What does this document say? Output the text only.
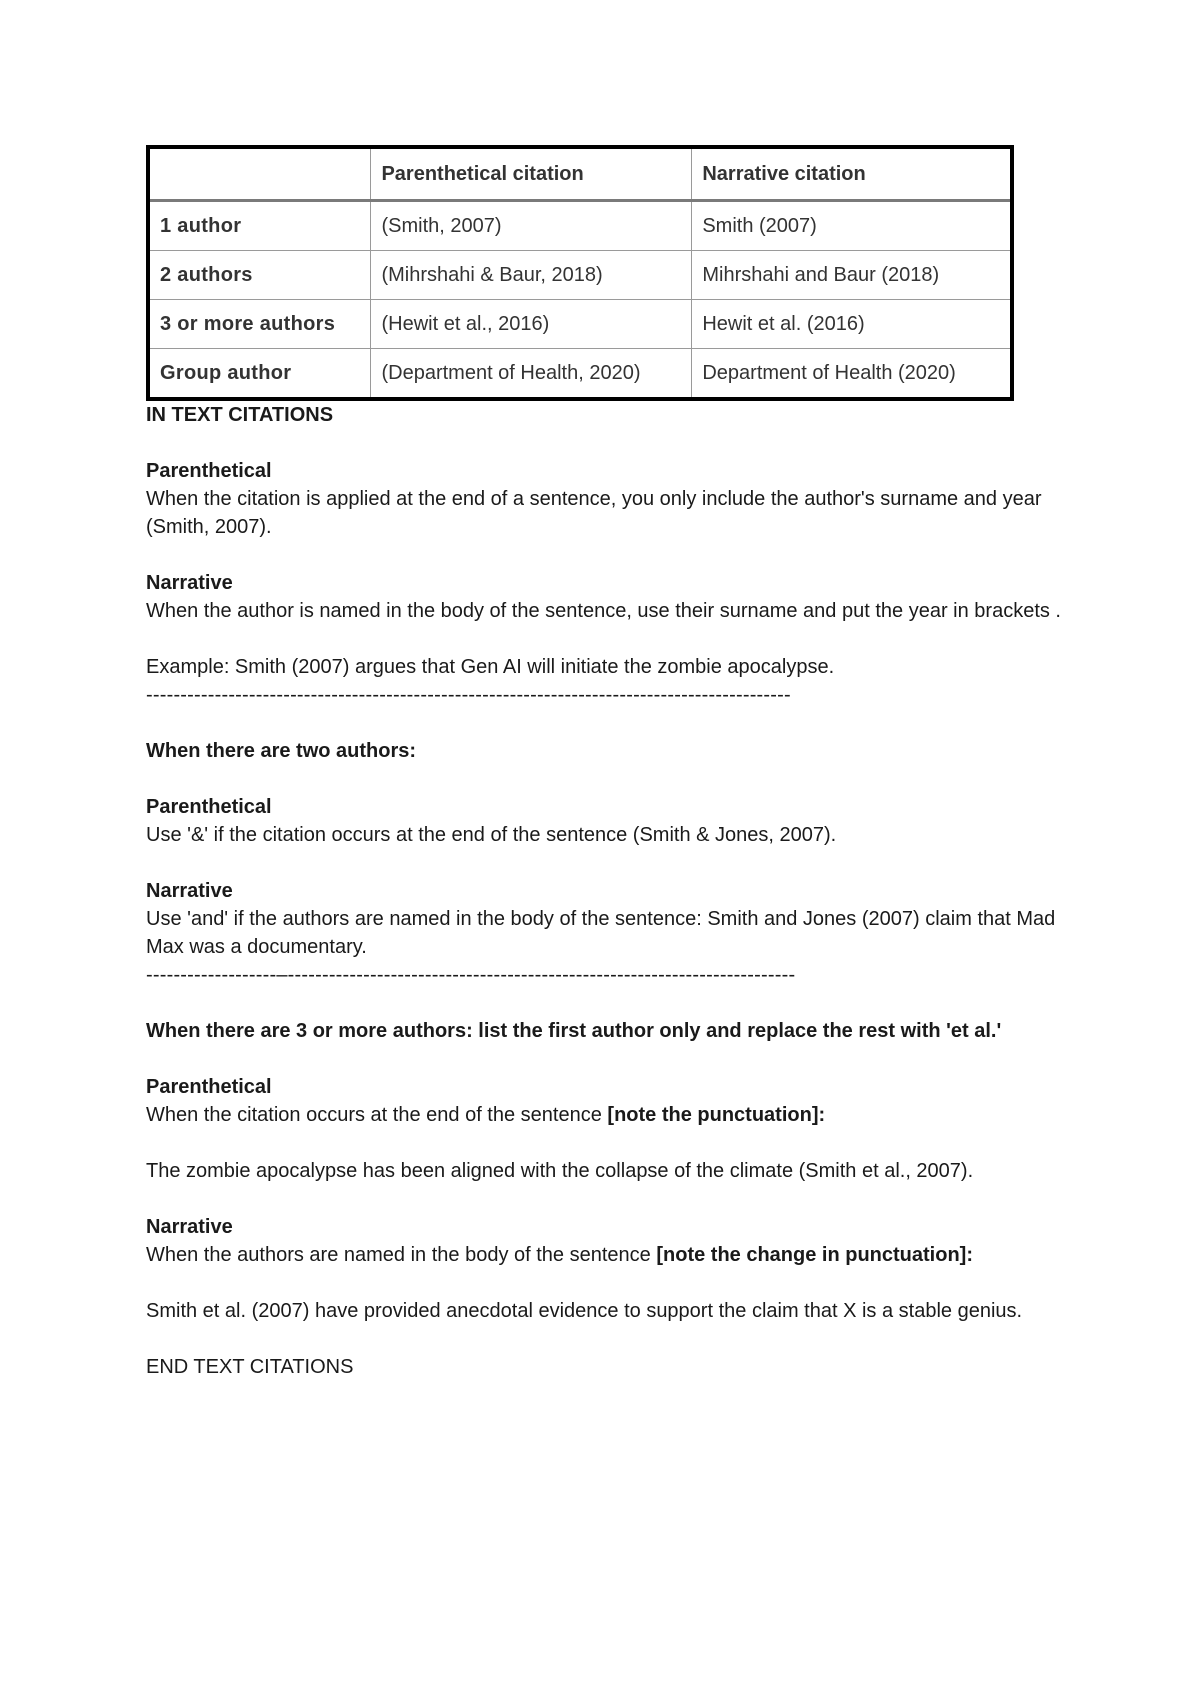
	Parenthetical citation	Narrative citation
1 author	(Smith, 2007)	Smith (2007)
2 authors	(Mihrshahi & Baur, 2018)	Mihrshahi and Baur (2018)
3 or more authors	(Hewit et al., 2016)	Hewit et al. (2016)
Group author	(Department of Health, 2020)	Department of Health (2020)

IN TEXT CITATIONS

Parenthetical

When the citation is applied at the end of a sentence, you only include the author's surname and year (Smith, 2007).

Narrative

When the author is named in the body of the sentence, use their surname and put the year in brackets .

Example: Smith (2007) argues that Gen AI will initiate the zombie apocalypse.

----------------------------------------------------------------------------------------------

When there are two authors:

Parenthetical

Use '&' if the citation occurs at the end of the sentence (Smith & Jones, 2007).

Narrative

Use 'and' if the authors are named in the body of the sentence: Smith and Jones (2007) claim that Mad Max was a documentary.

-------------------–--------------------------------------------------------------------------

When there are 3 or more authors: list the first author only and replace the rest with 'et al.'

Parenthetical

When the citation occurs at the end of the sentence [note the punctuation]:

The zombie apocalypse has been aligned with the collapse of the climate (Smith et al., 2007).

Narrative

When the authors are named in the body of the sentence [note the change in punctuation]:

Smith et al. (2007) have provided anecdotal evidence to support the claim that X is a stable genius.

END TEXT CITATIONS
